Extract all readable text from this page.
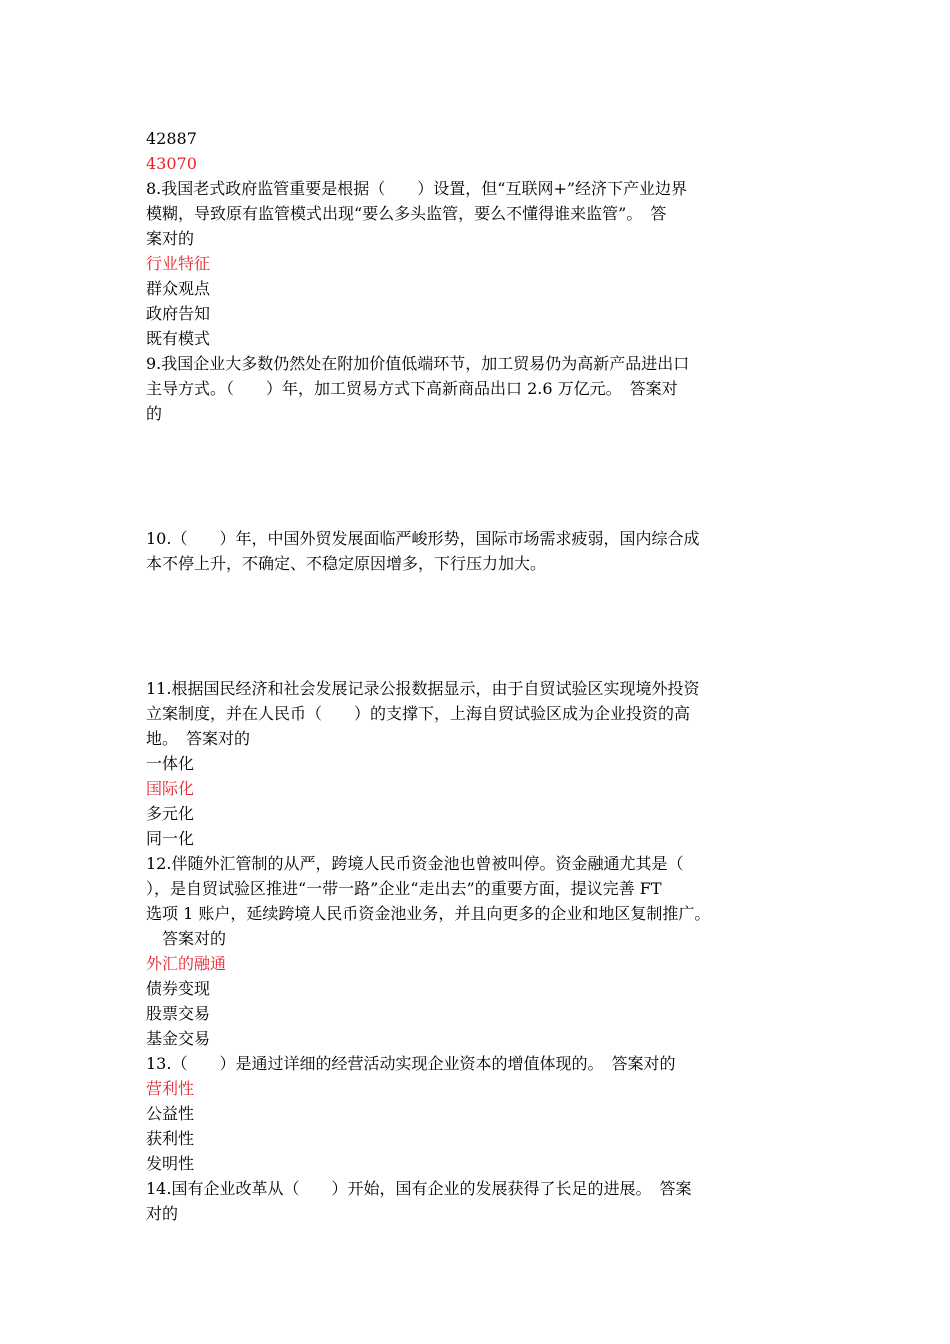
42887
43070
8.我国老式政府监管重要是根据（　　）设置，但“互联网+”经济下产业边界
模糊，导致原有监管模式出现“要么多头监管，要么不懂得谁来监管”。　答
案对的
行业特征
群众观点
政府告知
既有模式
9.我国企业大多数仍然处在附加价值低端环节，加工贸易仍为高新产品进出口
主导方式。（　　）年，加工贸易方式下高新商品出口 2.6 万亿元。　答案对
的
10.（　　）年，中国外贸发展面临严峻形势，国际市场需求疲弱，国内综合成
本不停上升，不确定、不稳定原因增多，下行压力加大。
11.根据国民经济和社会发展记录公报数据显示，由于自贸试验区实现境外投资
立案制度，并在人民币（　　）的支撑下，上海自贸试验区成为企业投资的高
地。　答案对的
一体化
国际化
多元化
同一化
12.伴随外汇管制的从严，跨境人民币资金池也曾被叫停。资金融通尤其是（
），是自贸试验区推进“一带一路”企业“走出去”的重要方面，提议完善 FT
选项 1 账户，延续跨境人民币资金池业务，并且向更多的企业和地区复制推广。
　答案对的
外汇的融通
债券变现
股票交易
基金交易
13.（　　）是通过详细的经营活动实现企业资本的增值体现的。　答案对的
营利性
公益性
获利性
发明性
14.国有企业改革从（　　）开始，国有企业的发展获得了长足的进展。　答案
对的
